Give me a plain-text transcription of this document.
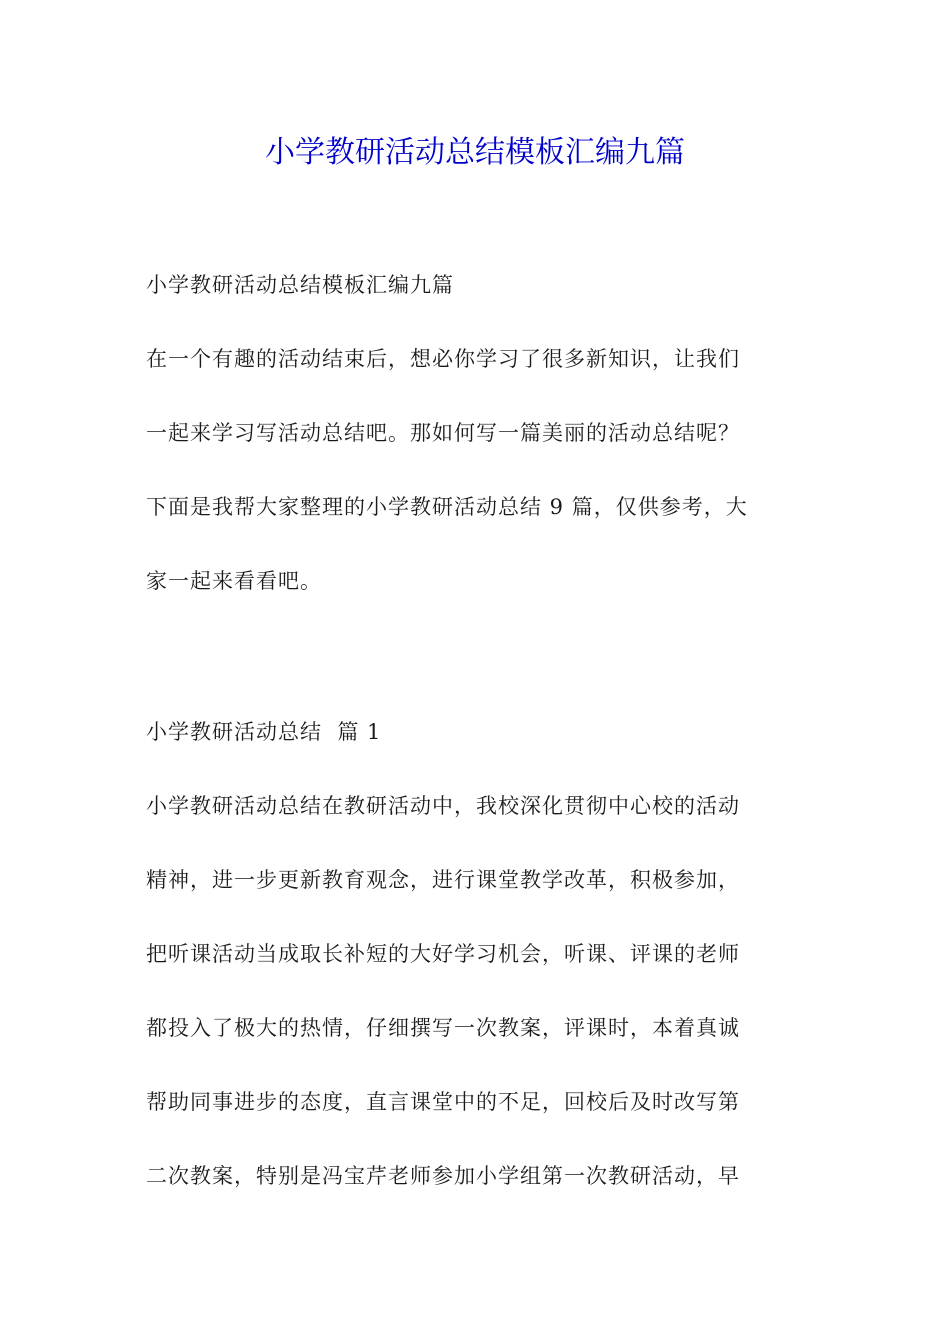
小学教研活动总结模板汇编九篇
小学教研活动总结模板汇编九篇
在一个有趣的活动结束后，想必你学习了很多新知识，让我们
一起来学习写活动总结吧。那如何写一篇美丽的活动总结呢？
下面是我帮大家整理的小学教研活动总结 9 篇，仅供参考，大
家一起来看看吧。
小学教研活动总结  篇 1
小学教研活动总结在教研活动中，我校深化贯彻中心校的活动
精神，进一步更新教育观念，进行课堂教学改革，积极参加，
把听课活动当成取长补短的大好学习机会，听课、评课的老师
都投入了极大的热情，仔细撰写一次教案，评课时，本着真诚
帮助同事进步的态度，直言课堂中的不足，回校后及时改写第
二次教案，特别是冯宝芹老师参加小学组第一次教研活动，早
